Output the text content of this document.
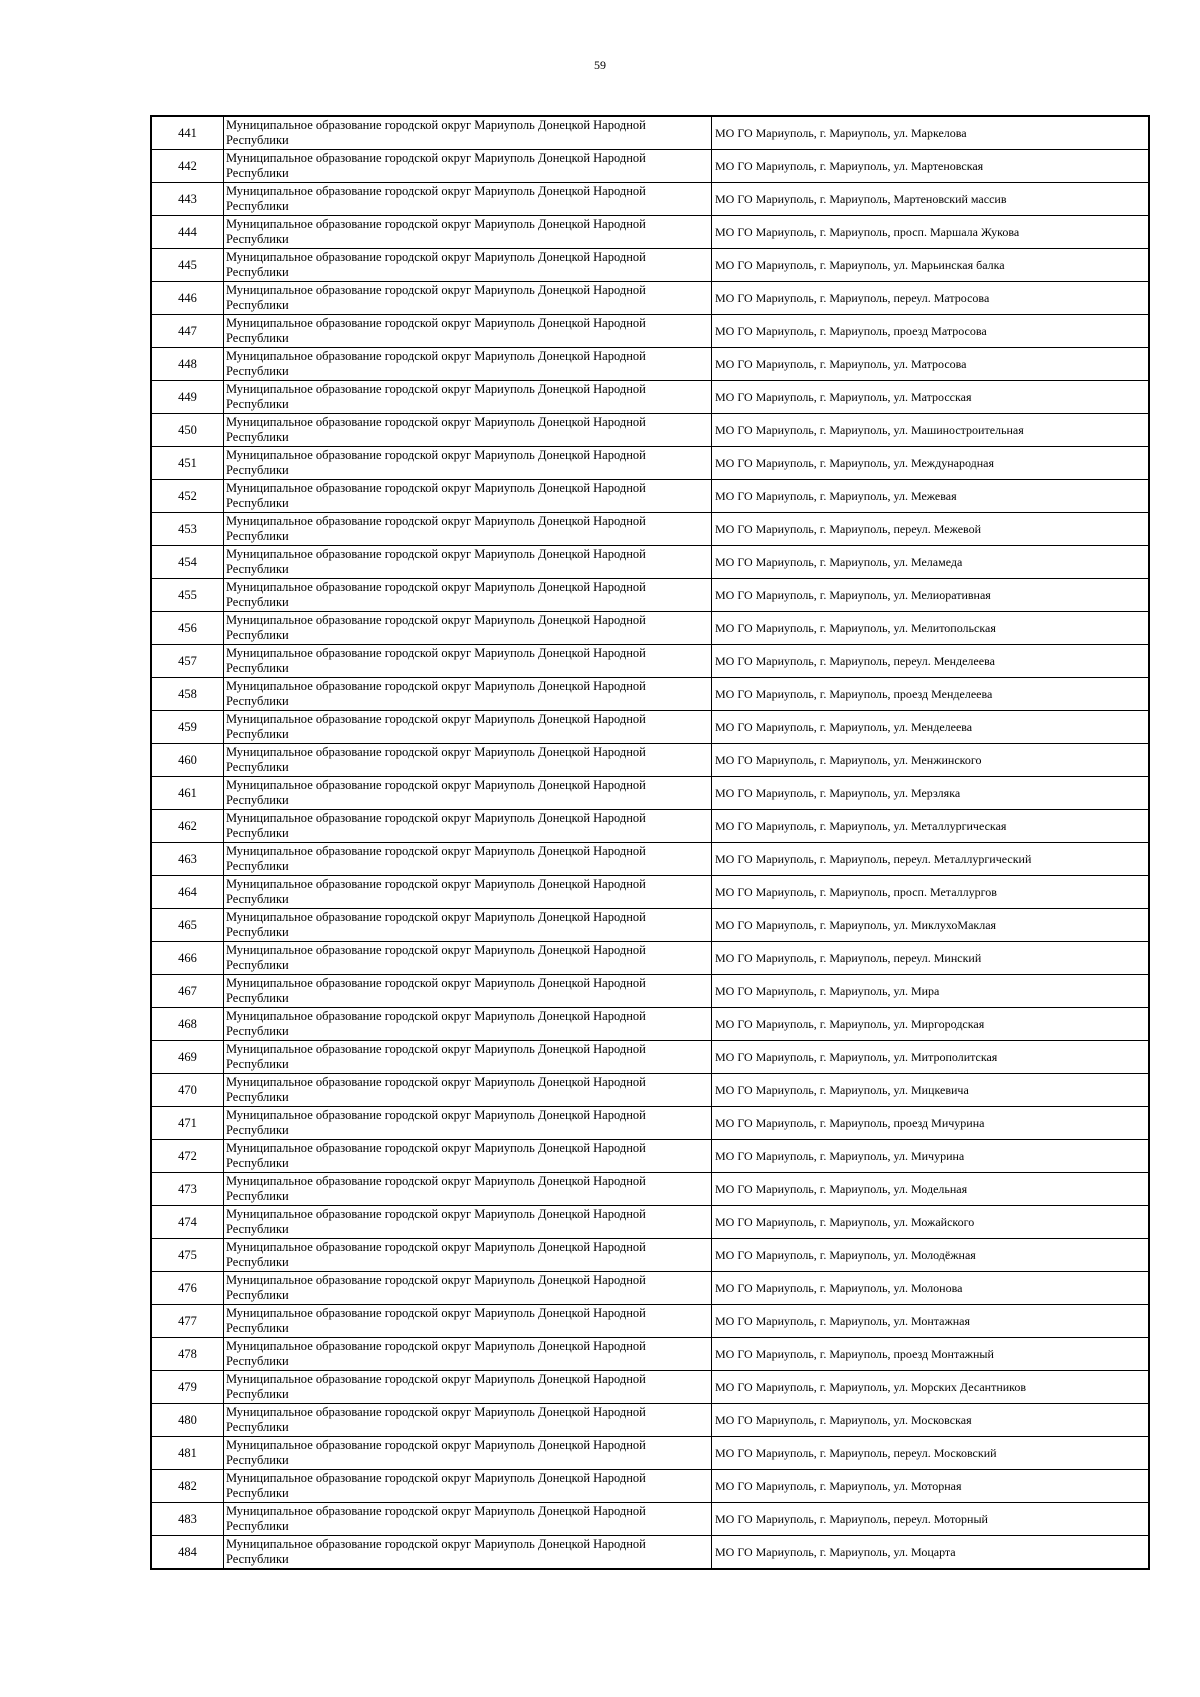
59
441	Муниципальное образование городской округ Мариуполь Донецкой Народной Республики	МО ГО Мариуполь, г. Мариуполь, ул. Маркелова
442	Муниципальное образование городской округ Мариуполь Донецкой Народной Республики	МО ГО Мариуполь, г. Мариуполь, ул. Мартеновская
443	Муниципальное образование городской округ Мариуполь Донецкой Народной Республики	МО ГО Мариуполь, г. Мариуполь, Мартеновский массив
444	Муниципальное образование городской округ Мариуполь Донецкой Народной Республики	МО ГО Мариуполь, г. Мариуполь, просп. Маршала Жукова
445	Муниципальное образование городской округ Мариуполь Донецкой Народной Республики	МО ГО Мариуполь, г. Мариуполь, ул. Марьинская балка
446	Муниципальное образование городской округ Мариуполь Донецкой Народной Республики	МО ГО Мариуполь, г. Мариуполь, переул. Матросова
447	Муниципальное образование городской округ Мариуполь Донецкой Народной Республики	МО ГО Мариуполь, г. Мариуполь, проезд Матросова
448	Муниципальное образование городской округ Мариуполь Донецкой Народной Республики	МО ГО Мариуполь, г. Мариуполь, ул. Матросова
449	Муниципальное образование городской округ Мариуполь Донецкой Народной Республики	МО ГО Мариуполь, г. Мариуполь, ул. Матросская
450	Муниципальное образование городской округ Мариуполь Донецкой Народной Республики	МО ГО Мариуполь, г. Мариуполь, ул. Машиностроительная
451	Муниципальное образование городской округ Мариуполь Донецкой Народной Республики	МО ГО Мариуполь, г. Мариуполь, ул. Международная
452	Муниципальное образование городской округ Мариуполь Донецкой Народной Республики	МО ГО Мариуполь, г. Мариуполь, ул. Межевая
453	Муниципальное образование городской округ Мариуполь Донецкой Народной Республики	МО ГО Мариуполь, г. Мариуполь, переул. Межевой
454	Муниципальное образование городской округ Мариуполь Донецкой Народной Республики	МО ГО Мариуполь, г. Мариуполь, ул. Меламеда
455	Муниципальное образование городской округ Мариуполь Донецкой Народной Республики	МО ГО Мариуполь, г. Мариуполь, ул. Мелиоративная
456	Муниципальное образование городской округ Мариуполь Донецкой Народной Республики	МО ГО Мариуполь, г. Мариуполь, ул. Мелитопольская
457	Муниципальное образование городской округ Мариуполь Донецкой Народной Республики	МО ГО Мариуполь, г. Мариуполь, переул. Менделеева
458	Муниципальное образование городской округ Мариуполь Донецкой Народной Республики	МО ГО Мариуполь, г. Мариуполь, проезд Менделеева
459	Муниципальное образование городской округ Мариуполь Донецкой Народной Республики	МО ГО Мариуполь, г. Мариуполь, ул. Менделеева
460	Муниципальное образование городской округ Мариуполь Донецкой Народной Республики	МО ГО Мариуполь, г. Мариуполь, ул. Менжинского
461	Муниципальное образование городской округ Мариуполь Донецкой Народной Республики	МО ГО Мариуполь, г. Мариуполь, ул. Мерзляка
462	Муниципальное образование городской округ Мариуполь Донецкой Народной Республики	МО ГО Мариуполь, г. Мариуполь, ул. Металлургическая
463	Муниципальное образование городской округ Мариуполь Донецкой Народной Республики	МО ГО Мариуполь, г. Мариуполь, переул. Металлургический
464	Муниципальное образование городской округ Мариуполь Донецкой Народной Республики	МО ГО Мариуполь, г. Мариуполь, просп. Металлургов
465	Муниципальное образование городской округ Мариуполь Донецкой Народной Республики	МО ГО Мариуполь, г. Мариуполь, ул. МиклухоМаклая
466	Муниципальное образование городской округ Мариуполь Донецкой Народной Республики	МО ГО Мариуполь, г. Мариуполь, переул. Минский
467	Муниципальное образование городской округ Мариуполь Донецкой Народной Республики	МО ГО Мариуполь, г. Мариуполь, ул. Мира
468	Муниципальное образование городской округ Мариуполь Донецкой Народной Республики	МО ГО Мариуполь, г. Мариуполь, ул. Миргородская
469	Муниципальное образование городской округ Мариуполь Донецкой Народной Республики	МО ГО Мариуполь, г. Мариуполь, ул. Митрополитская
470	Муниципальное образование городской округ Мариуполь Донецкой Народной Республики	МО ГО Мариуполь, г. Мариуполь, ул. Мицкевича
471	Муниципальное образование городской округ Мариуполь Донецкой Народной Республики	МО ГО Мариуполь, г. Мариуполь, проезд Мичурина
472	Муниципальное образование городской округ Мариуполь Донецкой Народной Республики	МО ГО Мариуполь, г. Мариуполь, ул. Мичурина
473	Муниципальное образование городской округ Мариуполь Донецкой Народной Республики	МО ГО Мариуполь, г. Мариуполь, ул. Модельная
474	Муниципальное образование городской округ Мариуполь Донецкой Народной Республики	МО ГО Мариуполь, г. Мариуполь, ул. Можайского
475	Муниципальное образование городской округ Мариуполь Донецкой Народной Республики	МО ГО Мариуполь, г. Мариуполь, ул. Молодёжная
476	Муниципальное образование городской округ Мариуполь Донецкой Народной Республики	МО ГО Мариуполь, г. Мариуполь, ул. Молонова
477	Муниципальное образование городской округ Мариуполь Донецкой Народной Республики	МО ГО Мариуполь, г. Мариуполь, ул. Монтажная
478	Муниципальное образование городской округ Мариуполь Донецкой Народной Республики	МО ГО Мариуполь, г. Мариуполь, проезд Монтажный
479	Муниципальное образование городской округ Мариуполь Донецкой Народной Республики	МО ГО Мариуполь, г. Мариуполь, ул. Морских Десантников
480	Муниципальное образование городской округ Мариуполь Донецкой Народной Республики	МО ГО Мариуполь, г. Мариуполь, ул. Московская
481	Муниципальное образование городской округ Мариуполь Донецкой Народной Республики	МО ГО Мариуполь, г. Мариуполь, переул. Московский
482	Муниципальное образование городской округ Мариуполь Донецкой Народной Республики	МО ГО Мариуполь, г. Мариуполь, ул. Моторная
483	Муниципальное образование городской округ Мариуполь Донецкой Народной Республики	МО ГО Мариуполь, г. Мариуполь, переул. Моторный
484	Муниципальное образование городской округ Мариуполь Донецкой Народной Республики	МО ГО Мариуполь, г. Мариуполь, ул. Моцарта
